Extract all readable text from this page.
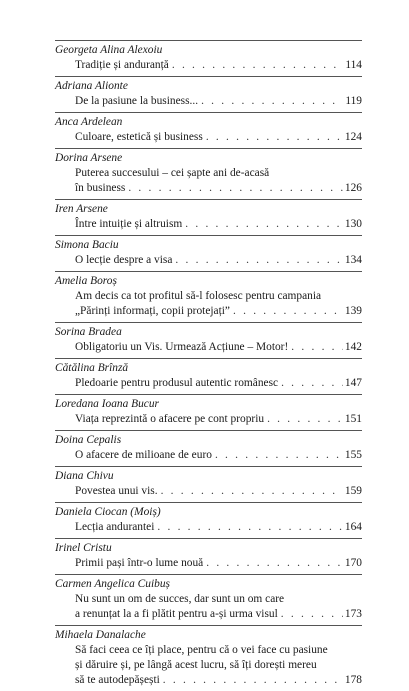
Georgeta Alina Alexoiu
Tradiție și anduranță . . .	114
Adriana Alionte
De la pasiune la business... . . .	119
Anca Ardelean
Culoare, estetică și business . . .	124
Dorina Arsene
Puterea succesului – cei șapte ani de-acasă
în business . . .	126
Iren Arsene
Între intuiție și altruism . . .	130
Simona Baciu
O lecție despre a visa . . .	134
Amelia Boroș
Am decis ca tot profitul să-l folosesc pentru campania
„Părinți informați, copii protejați” . . .	139
Sorina Bradea
Obligatoriu un Vis. Urmează Acțiune – Motor! . . .	142
Cătălina Brînză
Pledoarie pentru produsul autentic românesc . . .	147
Loredana Ioana Bucur
Viața reprezintă o afacere pe cont propriu . . .	151
Doina Cepalis
O afacere de milioane de euro . . .	155
Diana Chivu
Povestea unui vis. . . .	159
Daniela Ciocan (Moiș)
Lecția andurantei . . .	164
Irinel Cristu
Primii pași într-o lume nouă . . .	170
Carmen Angelica Cuibuș
Nu sunt un om de succes, dar sunt un om care
a renunțat la a fi plătit pentru a-și urma visul . . .	173
Mihaela Danalache
Să faci ceea ce îți place, pentru că o vei face cu pasiune
și dăruire și, pe lângă acest lucru, să îți dorești mereu
să te autodepășești . . .	178
